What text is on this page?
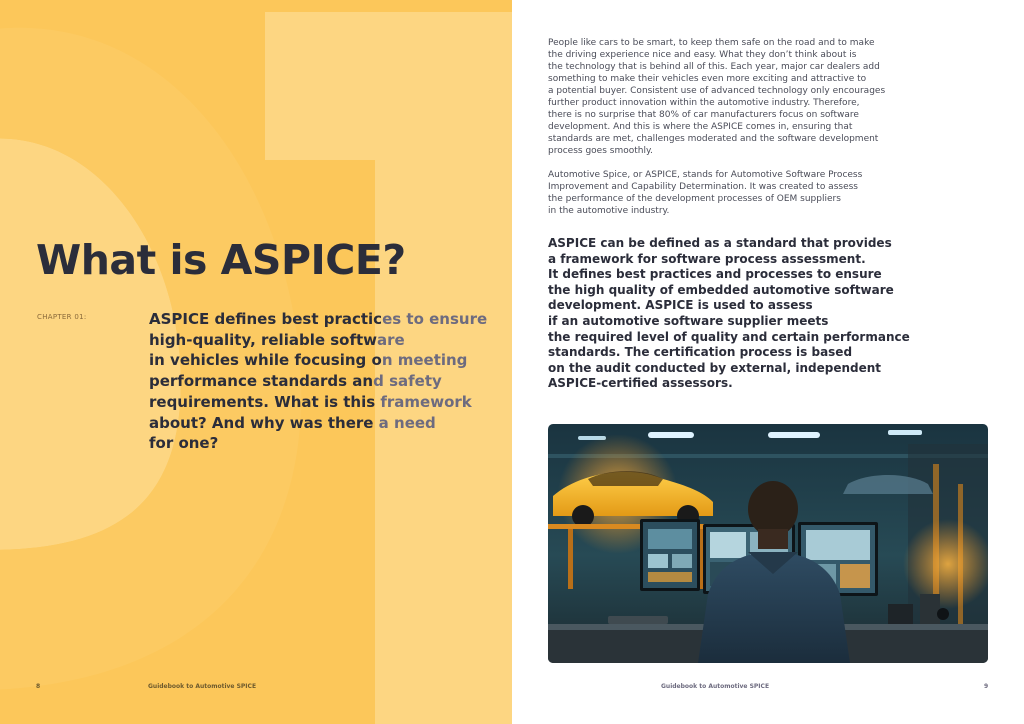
What is ASPICE?
CHAPTER 01:	ASPICE defines best practices to ensure
high-quality, reliable software
in vehicles while focusing on meeting
performance standards and safety
requirements. What is this framework
about? And why was there a need
for one?
8	Guidebook to Automotive SPICE
People like cars to be smart, to keep them safe on the road and to make
the driving experience nice and easy. What they don’t think about is
the technology that is behind all of this. Each year, major car dealers add
something to make their vehicles even more exciting and attractive to
a potential buyer. Consistent use of advanced technology only encourages
further product innovation within the automotive industry. Therefore,
there is no surprise that 80% of car manufacturers focus on software
development. And this is where the ASPICE comes in, ensuring that
standards are met, challenges moderated and the software development
process goes smoothly.
Automotive Spice, or ASPICE, stands for Automotive Software Process
Improvement and Capability Determination. It was created to assess
the performance of the development processes of OEM suppliers
in the automotive industry.
ASPICE can be defined as a standard that provides
a framework for software process assessment.
It defines best practices and processes to ensure
the high quality of embedded automotive software
development. ASPICE is used to assess
if an automotive software supplier meets
the required level of quality and certain performance
standards. The certification process is based
on the audit conducted by external, independent
ASPICE-certified assessors.
Guidebook to Automotive SPICE	9
